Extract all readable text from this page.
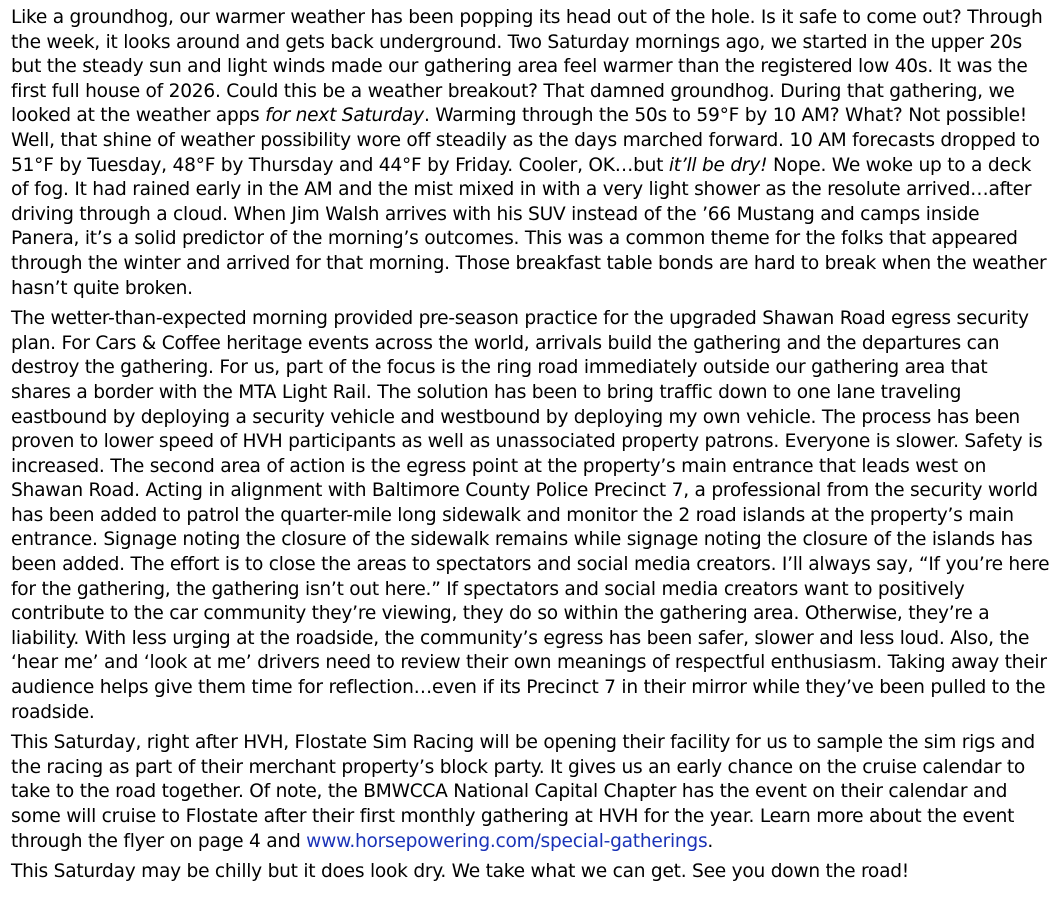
Like a groundhog, our warmer weather has been popping its head out of the hole. Is it safe to come out? Through the week, it looks around and gets back underground. Two Saturday mornings ago, we started in the upper 20s but the steady sun and light winds made our gathering area feel warmer than the registered low 40s. It was the first full house of 2026. Could this be a weather breakout? That damned groundhog. During that gathering, we looked at the weather apps for next Saturday. Warming through the 50s to 59°F by 10 AM? What? Not possible! Well, that shine of weather possibility wore off steadily as the days marched forward. 10 AM forecasts dropped to 51°F by Tuesday, 48°F by Thursday and 44°F by Friday. Cooler, OK…but it’ll be dry! Nope. We woke up to a deck of fog. It had rained early in the AM and the mist mixed in with a very light shower as the resolute arrived…after driving through a cloud. When Jim Walsh arrives with his SUV instead of the ’66 Mustang and camps inside Panera, it’s a solid predictor of the morning’s outcomes. This was a common theme for the folks that appeared through the winter and arrived for that morning. Those breakfast table bonds are hard to break when the weather hasn’t quite broken.

The wetter-than-expected morning provided pre-season practice for the upgraded Shawan Road egress security plan. For Cars & Coffee heritage events across the world, arrivals build the gathering and the departures can destroy the gathering. For us, part of the focus is the ring road immediately outside our gathering area that shares a border with the MTA Light Rail. The solution has been to bring traffic down to one lane traveling eastbound by deploying a security vehicle and westbound by deploying my own vehicle. The process has been proven to lower speed of HVH participants as well as unassociated property patrons. Everyone is slower. Safety is increased. The second area of action is the egress point at the property’s main entrance that leads west on Shawan Road. Acting in alignment with Baltimore County Police Precinct 7, a professional from the security world has been added to patrol the quarter-mile long sidewalk and monitor the 2 road islands at the property’s main entrance. Signage noting the closure of the sidewalk remains while signage noting the closure of the islands has been added. The effort is to close the areas to spectators and social media creators. I’ll always say, “If you’re here for the gathering, the gathering isn’t out here.” If spectators and social media creators want to positively contribute to the car community they’re viewing, they do so within the gathering area. Otherwise, they’re a liability. With less urging at the roadside, the community’s egress has been safer, slower and less loud. Also, the ‘hear me’ and ‘look at me’ drivers need to review their own meanings of respectful enthusiasm. Taking away their audience helps give them time for reflection…even if its Precinct 7 in their mirror while they’ve been pulled to the roadside.

This Saturday, right after HVH, Flostate Sim Racing will be opening their facility for us to sample the sim rigs and the racing as part of their merchant property’s block party. It gives us an early chance on the cruise calendar to take to the road together. Of note, the BMWCCA National Capital Chapter has the event on their calendar and some will cruise to Flostate after their first monthly gathering at HVH for the year. Learn more about the event through the flyer on page 4 and www.horsepowering.com/special-gatherings.

This Saturday may be chilly but it does look dry. We take what we can get. See you down the road!
